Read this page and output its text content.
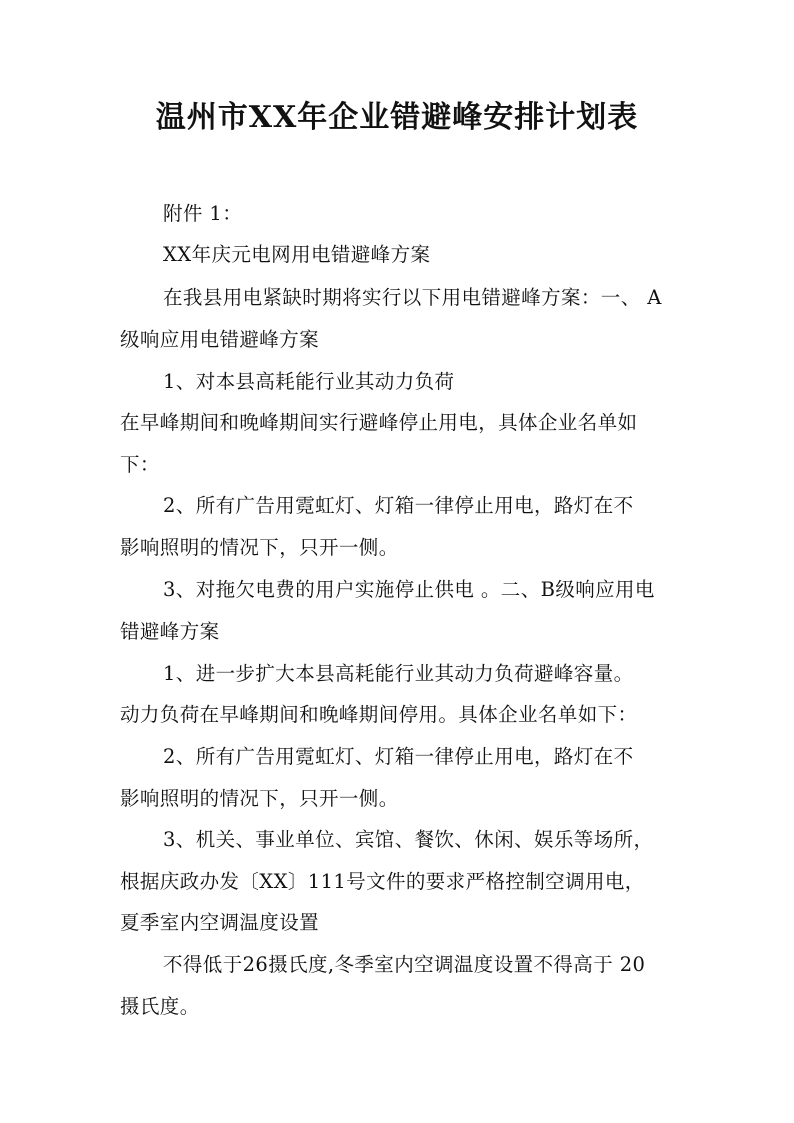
温州市XX年企业错避峰安排计划表
附件 1：
XX年庆元电网用电错避峰方案
在我县用电紧缺时期将实行以下用电错避峰方案：一、 A
级响应用电错避峰方案
1、对本县高耗能行业其动力负荷
在早峰期间和晚峰期间实行避峰停止用电，具体企业名单如
下：
2、所有广告用霓虹灯、灯箱一律停止用电，路灯在不
影响照明的情况下，只开一侧。
3、对拖欠电费的用户实施停止供电 。二、B级响应用电
错避峰方案
1、进一步扩大本县高耗能行业其动力负荷避峰容量。
动力负荷在早峰期间和晚峰期间停用。具体企业名单如下：
2、所有广告用霓虹灯、灯箱一律停止用电，路灯在不
影响照明的情况下，只开一侧。
3、机关、事业单位、宾馆、餐饮、休闲、娱乐等场所，
根据庆政办发〔XX〕111号文件的要求严格控制空调用电，
夏季室内空调温度设置
不得低于26摄氏度,冬季室内空调温度设置不得高于 20
摄氏度。
